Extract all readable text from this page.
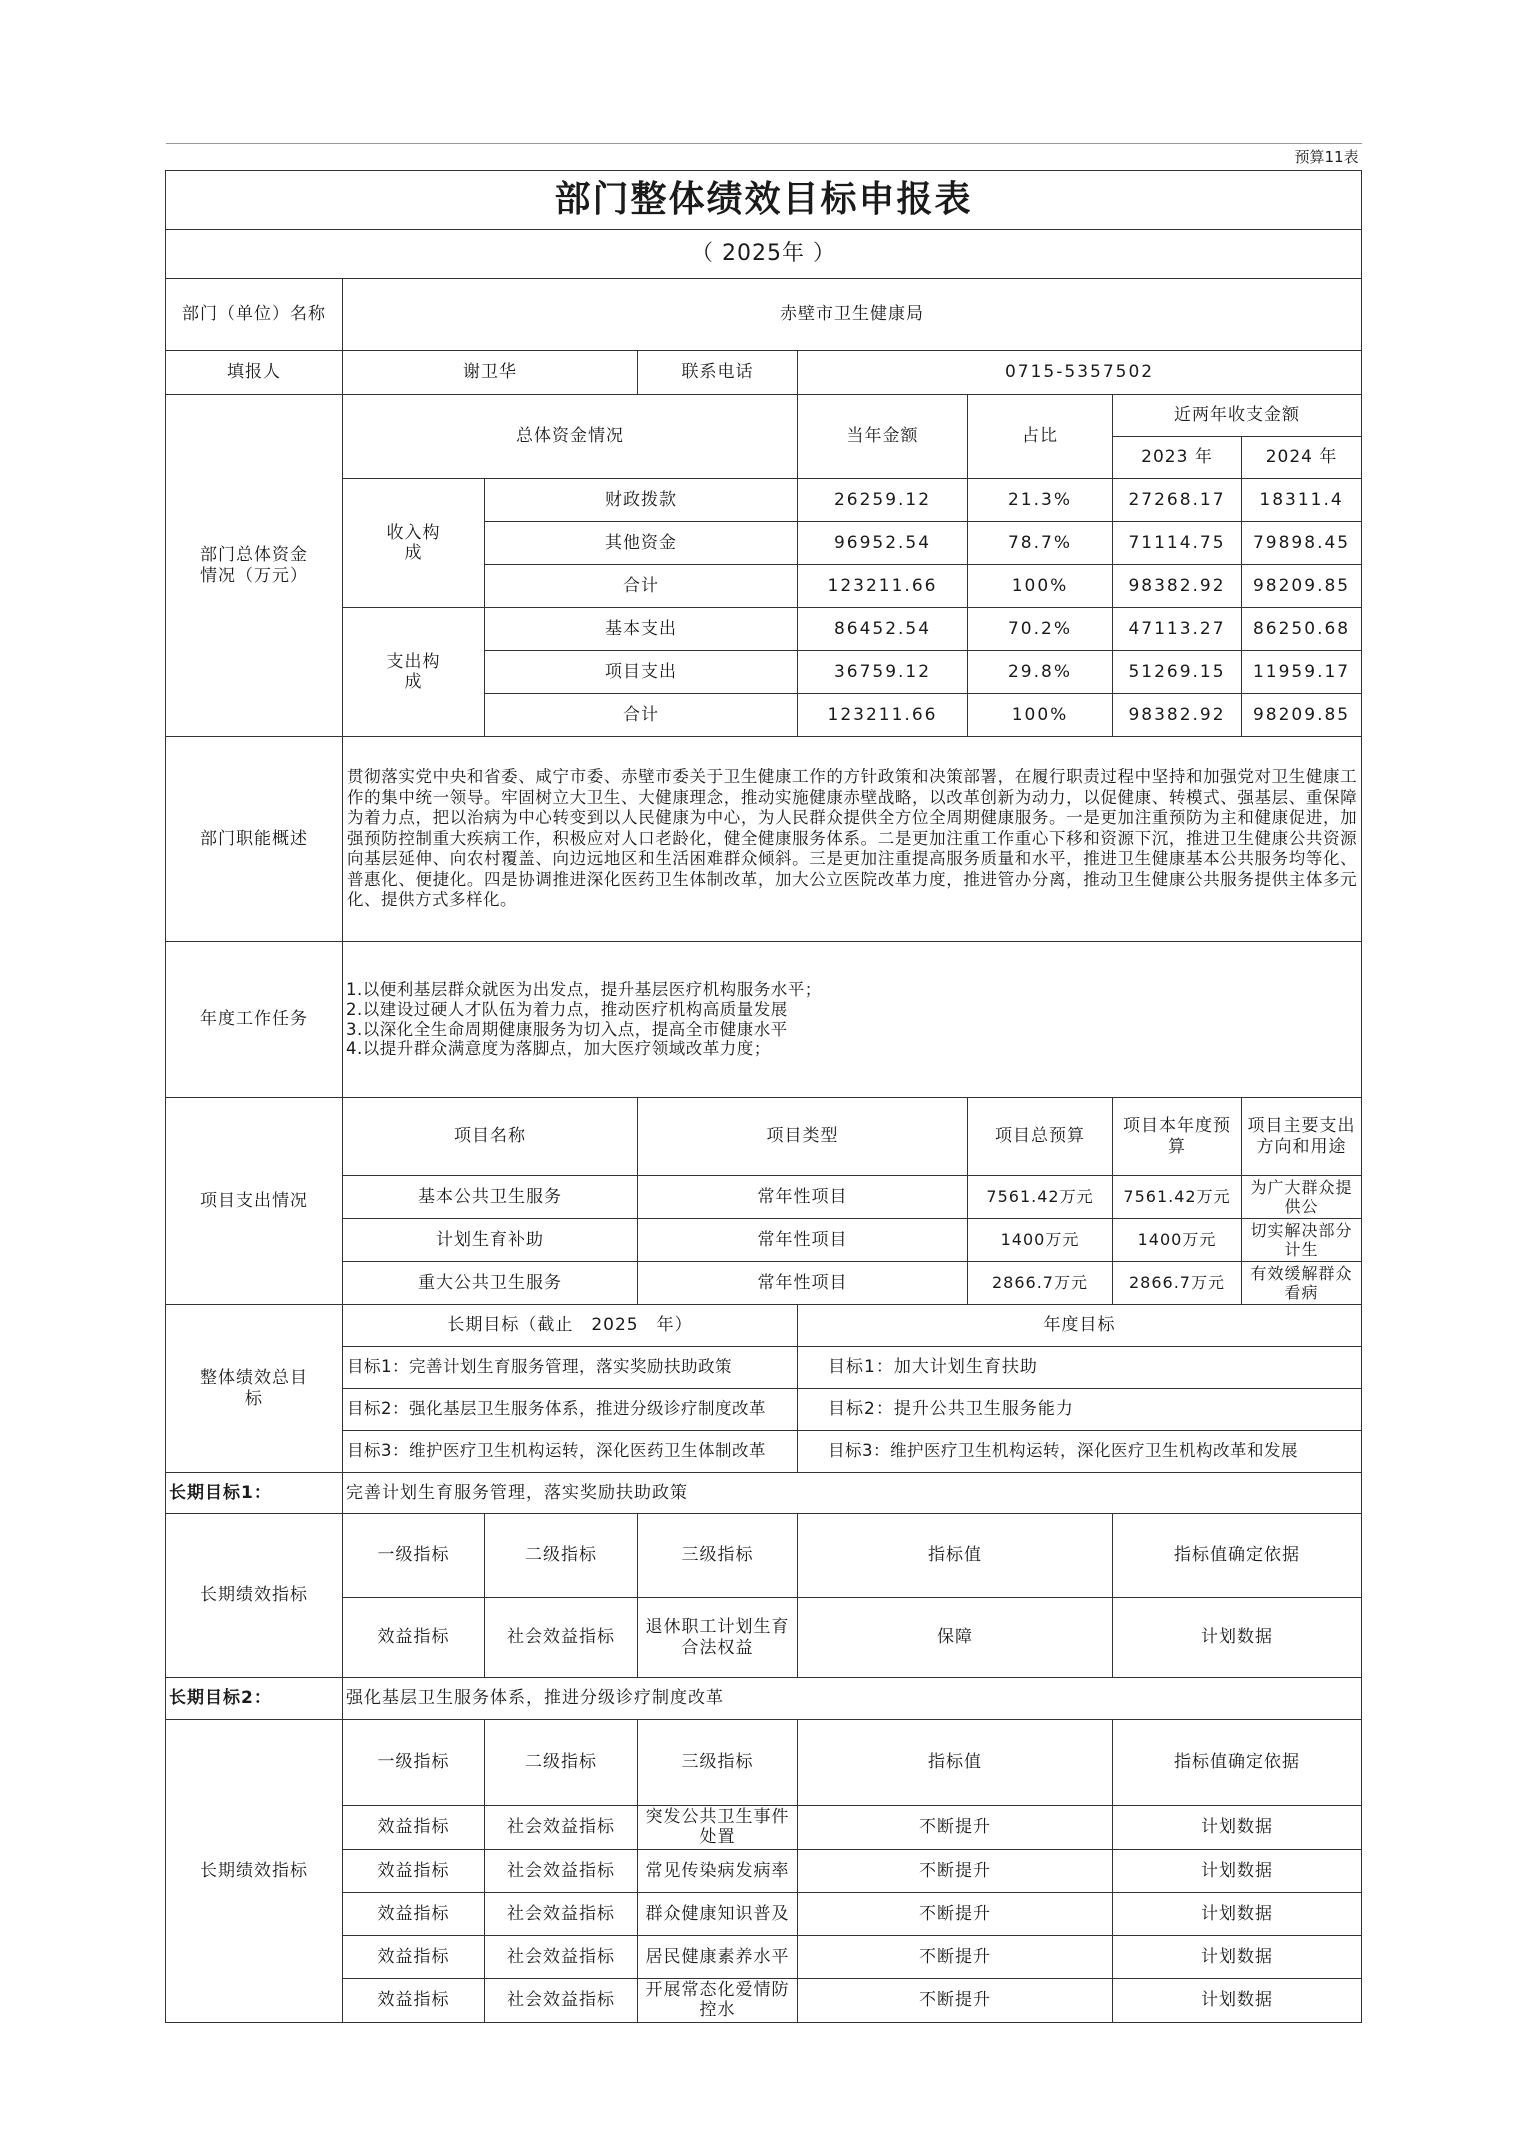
预算11表							
部门整体绩效目标申报表							
（ 2025年 ）							
部门（单位）名称	赤壁市卫生健康局						
填报人	谢卫华		联系电话	0715-5357502			
部门总体资金情况（万元）	总体资金情况			当年金额	占比	近两年收支金额	
						2023 年	2024 年
	收入构成	财政拨款		26259.12	21.3%	27268.17	18311.4
		其他资金		96952.54	78.7%	71114.75	79898.45
		合计		123211.66	100%	98382.92	98209.85
	支出构成	基本支出		86452.54	70.2%	47113.27	86250.68
		项目支出		36759.12	29.8%	51269.15	11959.17
		合计		123211.66	100%	98382.92	98209.85
部门职能概述	贯彻落实党中央和省委、咸宁市委、赤壁市委关于卫生健康工作的方针政策和决策部署，在履行职责过程中坚持和加强党对卫生健康工作的集中统一领导。牢固树立大卫生、大健康理念，推动实施健康赤壁战略，以改革创新为动力，以促健康、转模式、强基层、重保障为着力点，把以治病为中心转变到以人民健康为中心，为人民群众提供全方位全周期健康服务。一是更加注重预防为主和健康促进，加强预防控制重大疾病工作，积极应对人口老龄化，健全健康服务体系。二是更加注重工作重心下移和资源下沉，推进卫生健康公共资源向基层延伸、向农村覆盖、向边远地区和生活困难群众倾斜。三是更加注重提高服务质量和水平，推进卫生健康基本公共服务均等化、普惠化、便捷化。四是协调推进深化医药卫生体制改革，加大公立医院改革力度，推进管办分离，推动卫生健康公共服务提供主体多元化、提供方式多样化。						
年度工作任务	1.以便利基层群众就医为出发点，提升基层医疗机构服务水平；
2.以建设过硬人才队伍为着力点，推动医疗机构高质量发展
3.以深化全生命周期健康服务为切入点，提高全市健康水平
4.以提升群众满意度为落脚点，加大医疗领域改革力度；						

项目支出情况	项目名称		项目类型		项目总预算	项目本年度预算	项目主要支出方向和用途
	基本公共卫生服务		常年性项目		7561.42万元	7561.42万元	为广大群众提供公
	计划生育补助		常年性项目		1400万元	1400万元	切实解决部分计生
	重大公共卫生服务		常年性项目		2866.7万元	2866.7万元	有效缓解群众看病
整体绩效总目标	长期目标（截止　2025　年）			年度目标			
	目标1：完善计划生育服务管理，落实奖励扶助政策			目标1：加大计划生育扶助			
	目标2：强化基层卫生服务体系，推进分级诊疗制度改革			目标2：提升公共卫生服务能力			
	目标3：维护医疗卫生机构运转，深化医药卫生体制改革			目标3：维护医疗卫生机构运转，深化医疗卫生机构改革和发展			
长期目标1：	完善计划生育服务管理，落实奖励扶助政策						
长期绩效指标	一级指标	二级指标	三级指标	指标值		指标值确定依据	
	效益指标	社会效益指标	退休职工计划生育合法权益	保障		计划数据	
长期目标2：	强化基层卫生服务体系，推进分级诊疗制度改革						
长期绩效指标	一级指标	二级指标	三级指标	指标值		指标值确定依据	
	效益指标	社会效益指标	突发公共卫生事件处置	不断提升		计划数据	
	效益指标	社会效益指标	常见传染病发病率	不断提升		计划数据	
	效益指标	社会效益指标	群众健康知识普及	不断提升		计划数据	
	效益指标	社会效益指标	居民健康素养水平	不断提升		计划数据	
	效益指标	社会效益指标	开展常态化爱情防控水	不断提升		计划数据	
